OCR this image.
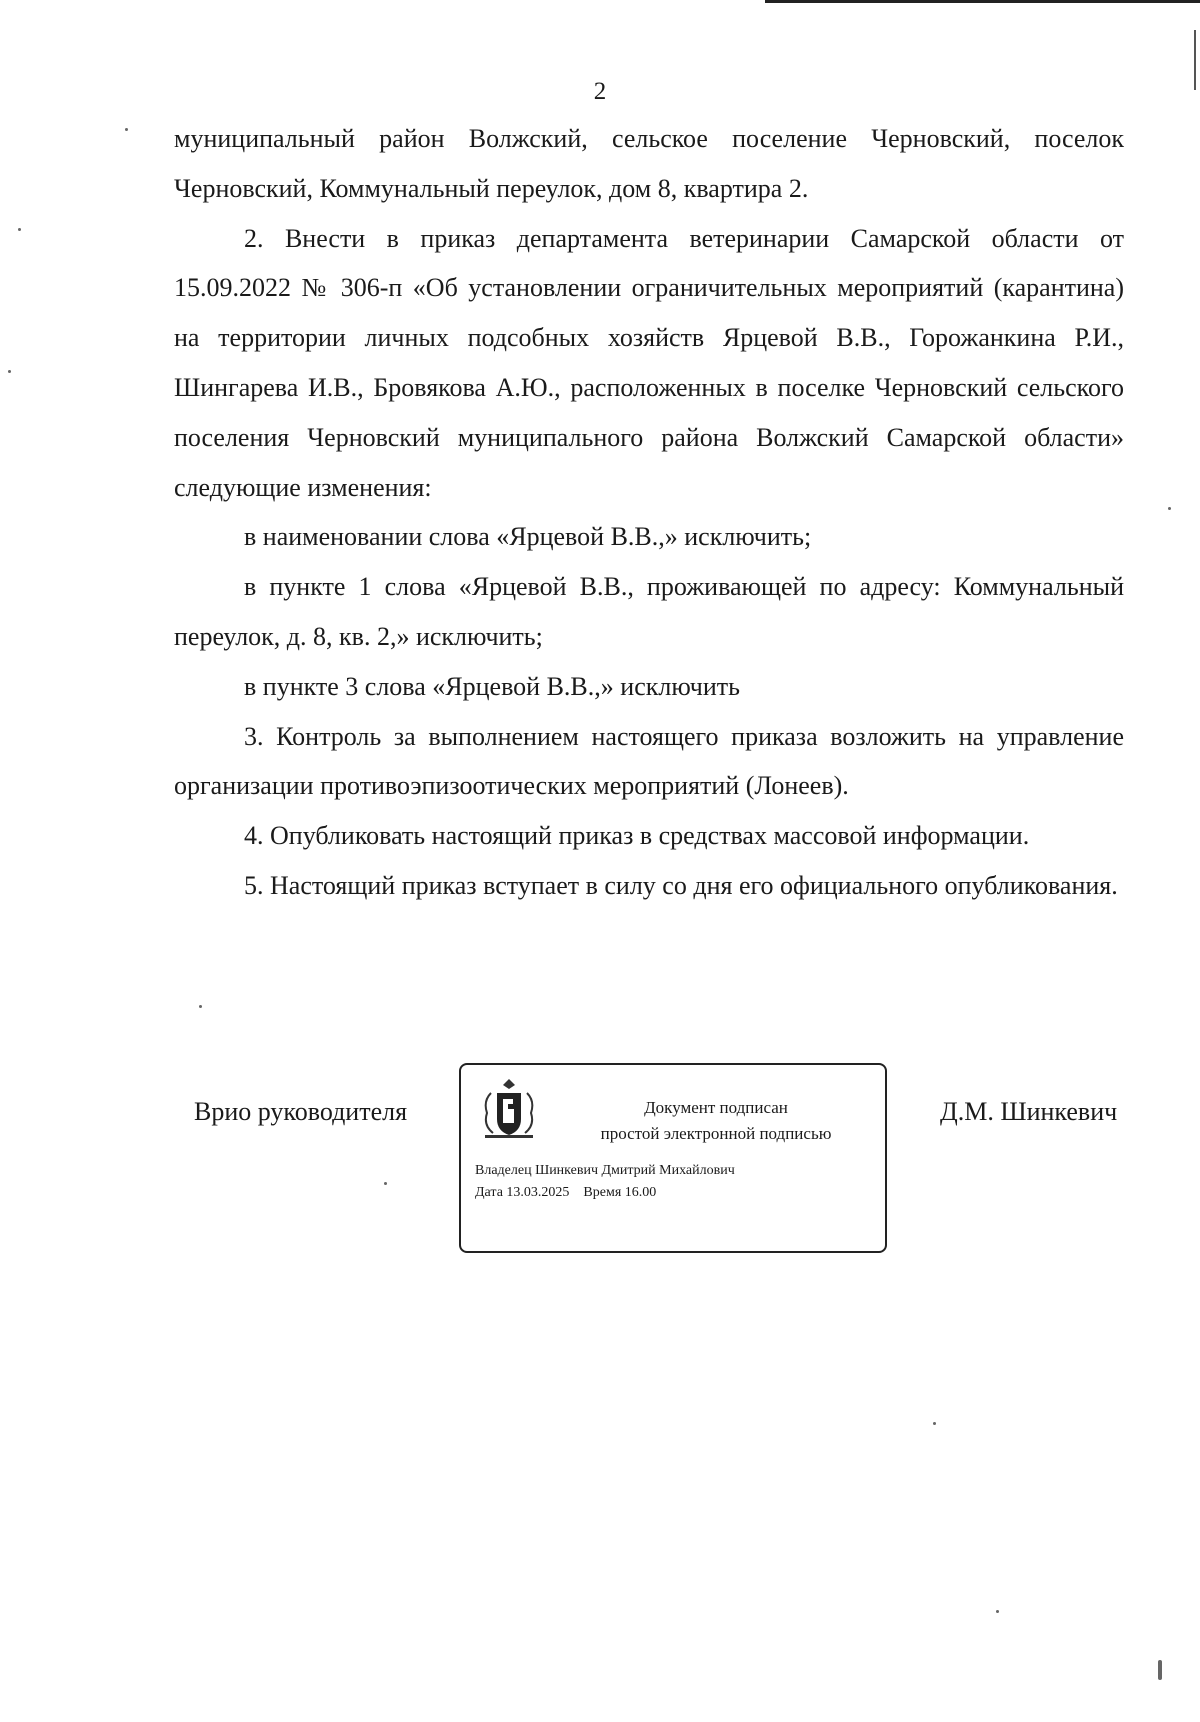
2

муниципальный район Волжский, сельское поселение Черновский, поселок Черновский, Коммунальный переулок, дом 8, квартира 2.

2. Внести в приказ департамента ветеринарии Самарской области от 15.09.2022 № 306-п «Об установлении ограничительных мероприятий (карантина) на территории личных подсобных хозяйств Ярцевой В.В., Горожанкина Р.И., Шингарева И.В., Бровякова А.Ю., расположенных в поселке Черновский сельского поселения Черновский муниципального района Волжский Самарской области» следующие изменения:

в наименовании слова «Ярцевой В.В.,» исключить;

в пункте 1 слова «Ярцевой В.В., проживающей по адресу: Коммунальный переулок, д. 8, кв. 2,» исключить;

в пункте 3 слова «Ярцевой В.В.,» исключить

3. Контроль за выполнением настоящего приказа возложить на управление организации противоэпизоотических мероприятий (Лонеев).

4. Опубликовать настоящий приказ в средствах массовой информации.

5. Настоящий приказ вступает в силу со дня его официального опубликования.

Врио руководителя	Документ подписан
простой электронной подписью
Владелец Шинкевич Дмитрий Михайлович
Дата 13.03.2025    Время 16.00
Д.М. Шинкевич
